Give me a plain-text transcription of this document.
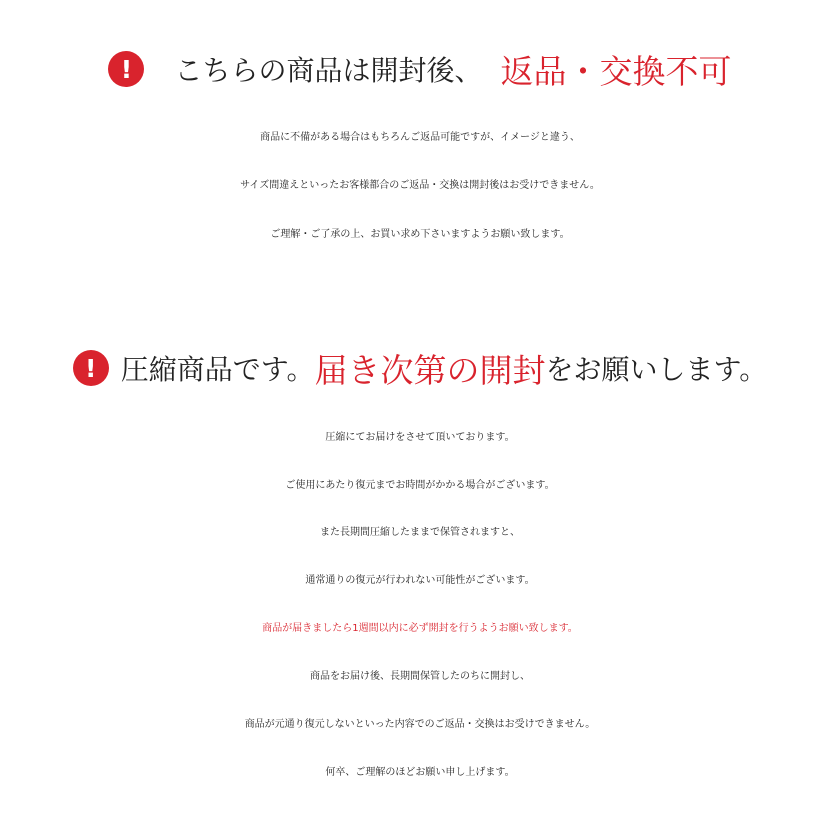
!	こちらの商品は開封後、 返品・交換不可
商品に不備がある場合はもちろんご返品可能ですが、イメージと違う、
サイズ間違えといったお客様都合のご返品・交換は開封後はお受けできません。
ご理解・ご了承の上、お買い求め下さいますようお願い致します。
! 圧縮商品です。 届き次第の開封 をお願いします。
圧縮にてお届けをさせて頂いております。
ご使用にあたり復元までお時間がかかる場合がございます。
また長期間圧縮したままで保管されますと、
通常通りの復元が行われない可能性がございます。
商品が届きましたら1週間以内に必ず開封を行うようお願い致します。
商品をお届け後、長期間保管したのちに開封し、
商品が元通り復元しないといった内容でのご返品・交換はお受けできません。
何卒、ご理解のほどお願い申し上げます。
